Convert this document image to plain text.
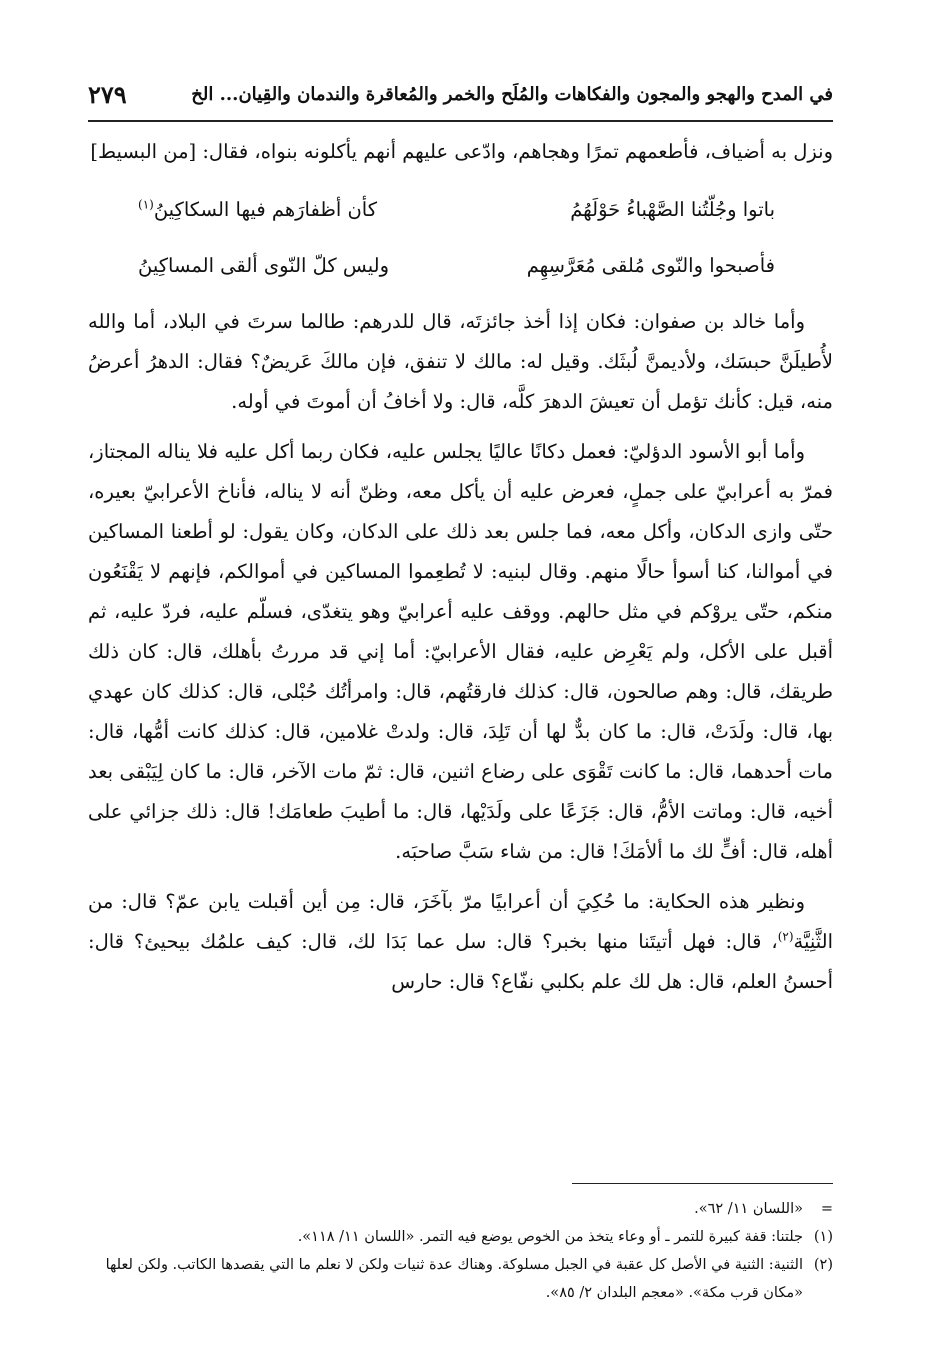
٢٧٩	في المدح والهجو والمجون والفكاهات والمُلَح والخمر والمُعاقرة والندمان والقِيان... الخ

ونزل به أضياف، فأطعمهم تمرًا وهجاهم، وادّعى عليهم أنهم يأكلونه بنواه، فقال: [من البسيط]

باتوا وجُلّتُنا الصَّهْباءُ حَوْلَهُمُ
كأن أظفارَهم فيها السكاكِينُ$^{(١)}$
فأصبحوا والنّوى مُلقى مُعَرَّسِهِم
وليس كلّ النّوى ألقى المساكِينُ

وأما خالد بن صفوان: فكان إذا أخذ جائزتَه، قال للدرهم: طالما سرتَ في البلاد، أما والله لأُطيلَنَّ حبسَك، ولأديمنَّ لُبثَك. وقيل له: مالك لا تنفق، فإن مالكَ عَريضٌ؟ فقال: الدهرُ أعرضُ منه، قيل: كأنك تؤمل أن تعيشَ الدهرَ كلَّه، قال: ولا أخافُ أن أموتَ في أوله.

وأما أبو الأسود الدؤليّ: فعمل دكانًا عاليًا يجلس عليه، فكان ربما أكل عليه فلا يناله المجتاز، فمرّ به أعرابيّ على جملٍ، فعرض عليه أن يأكل معه، وظنّ أنه لا يناله، فأناخ الأعرابيّ بعيره، حتّى وازى الدكان، وأكل معه، فما جلس بعد ذلك على الدكان، وكان يقول: لو أطعنا المساكين في أموالنا، كنا أسوأ حالًا منهم. وقال لبنيه: لا تُطعِموا المساكين في أموالكم، فإنهم لا يَقْنَعُون منكم، حتّى يروْكم في مثل حالهم. ووقف عليه أعرابيّ وهو يتغدّى، فسلّم عليه، فردّ عليه، ثم أقبل على الأكل، ولم يَعْرِض عليه، فقال الأعرابيّ: أما إني قد مررتُ بأهلك، قال: كان ذلك طريقك، قال: وهم صالحون، قال: كذلك فارقتُهم، قال: وامرأتُك حُبْلى، قال: كذلك كان عهدي بها، قال: ولَدَتْ، قال: ما كان بدٌّ لها أن تَلِدَ، قال: ولدتْ غلامين، قال: كذلك كانت أمُّها، قال: مات أحدهما، قال: ما كانت تَقْوَى على رضاع اثنين، قال: ثمّ مات الآخر، قال: ما كان لِيَبْقى بعد أخيه، قال: وماتت الأمُّ، قال: جَزَعًا على ولَدَيْها، قال: ما أطيبَ طعامَك! قال: ذلك جزائي على أهله، قال: أفٍّ لك ما ألأمَكَ! قال: من شاء سَبَّ صاحبَه.

ونظير هذه الحكاية: ما حُكِيَ أن أعرابيًا مرّ بآخَرَ، قال: مِن أين أقبلت يابن عمّ؟ قال: من الثَّنِيَّة$^{(٢)}$، قال: فهل أتيتَنا منها بخبر؟ قال: سل عما بَدَا لك، قال: كيف علمُك بيحيئ؟ قال: أحسنُ العلم، قال: هل لك علم بكلبي نفّاع؟ قال: حارس

=
«اللسان ١١/ ٦٢».
(١)
جلتنا: قفة كبيرة للتمر ـ أو وعاء يتخذ من الخوص يوضع فيه التمر. «اللسان ١١/ ١١٨».
(٢)
الثنية: الثنية في الأصل كل عقبة في الجبل مسلوكة. وهناك عدة ثنيات ولكن لا نعلم ما التي يقصدها الكاتب. ولكن لعلها «مكان قرب مكة». «معجم البلدان ٢/ ٨٥».
